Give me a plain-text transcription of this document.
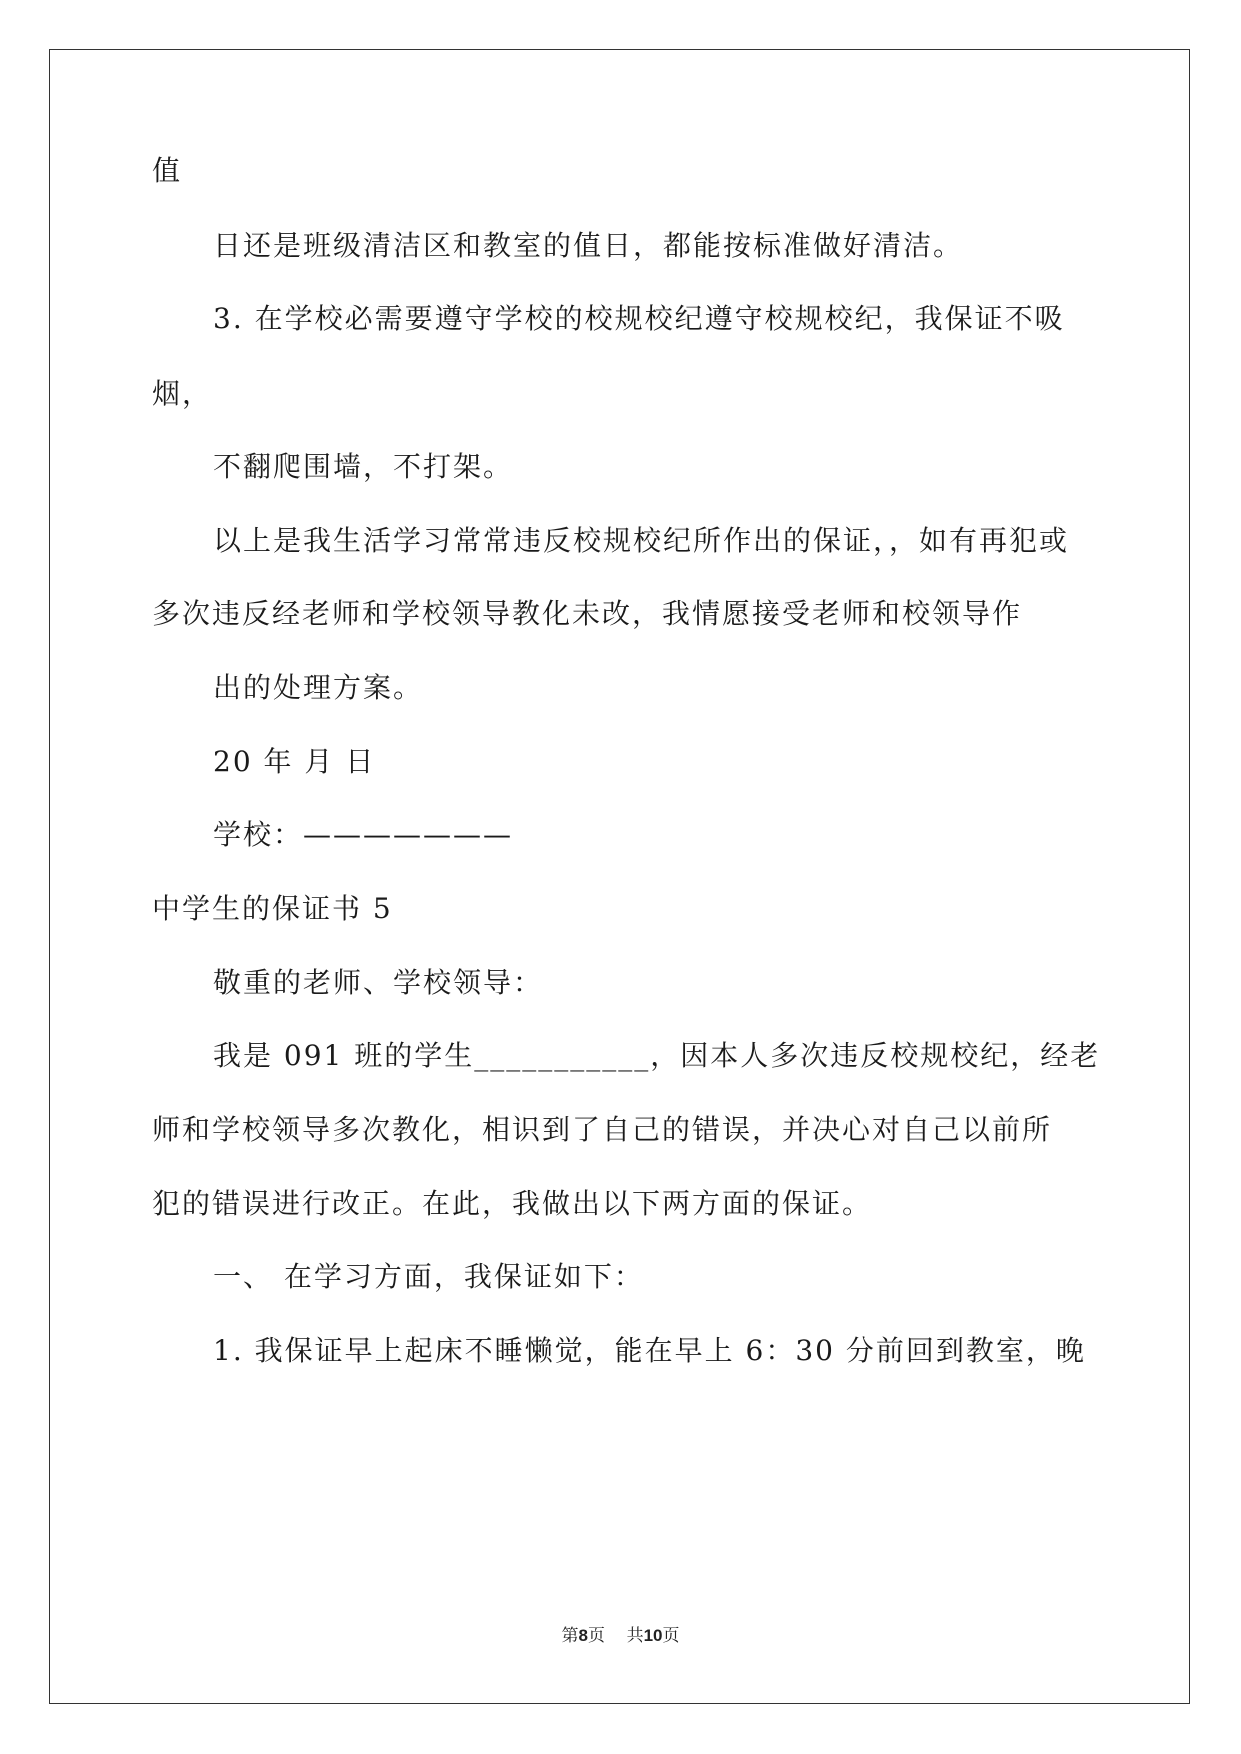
值

日还是班级清洁区和教室的值日，都能按标准做好清洁。

3. 在学校必需要遵守学校的校规校纪遵守校规校纪，我保证不吸

烟，

不翻爬围墙，不打架。

以上是我生活学习常常违反校规校纪所作出的保证，，如有再犯或

多次违反经老师和学校领导教化未改，我情愿接受老师和校领导作

出的处理方案。

20 年 月 日

学校：———————

中学生的保证书 5

敬重的老师、学校领导：

我是 091 班的学生___________，因本人多次违反校规校纪，经老

师和学校领导多次教化，相识到了自己的错误，并决心对自己以前所

犯的错误进行改正。在此，我做出以下两方面的保证。

一、 在学习方面，我保证如下：

1. 我保证早上起床不睡懒觉，能在早上 6：30 分前回到教室，晚

第8页 共10页
